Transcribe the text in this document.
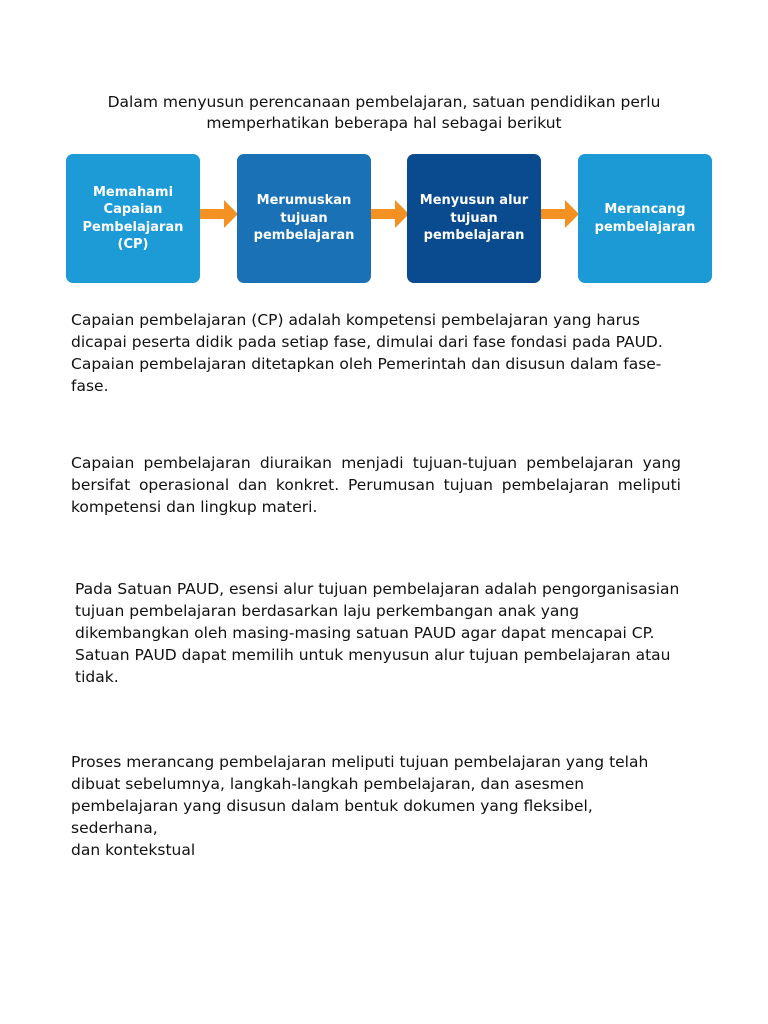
Dalam menyusun perencanaan pembelajaran, satuan pendidikan perlu
memperhatikan beberapa hal sebagai berikut
Memahami
Capaian
Pembelajaran
(CP)
Merumuskan
tujuan
pembelajaran
Menyusun alur
tujuan
pembelajaran
Merancang
pembelajaran
Capaian pembelajaran (CP) adalah kompetensi pembelajaran yang harus
dicapai peserta didik pada setiap fase, dimulai dari fase fondasi pada PAUD.
Capaian pembelajaran ditetapkan oleh Pemerintah dan disusun dalam fase-
fase.
Capaian pembelajaran diuraikan menjadi tujuan-tujuan pembelajaran yang bersifat operasional dan konkret. Perumusan tujuan pembelajaran meliputi kompetensi dan lingkup materi.
Pada Satuan PAUD, esensi alur tujuan pembelajaran adalah pengorganisasian
tujuan pembelajaran berdasarkan laju perkembangan anak yang
dikembangkan oleh masing-masing satuan PAUD agar dapat mencapai CP.
Satuan PAUD dapat memilih untuk menyusun alur tujuan pembelajaran atau
tidak.
Proses merancang pembelajaran meliputi tujuan pembelajaran yang telah
dibuat sebelumnya, langkah-langkah pembelajaran, dan asesmen
pembelajaran yang disusun dalam bentuk dokumen yang fleksibel, sederhana,
dan kontekstual
